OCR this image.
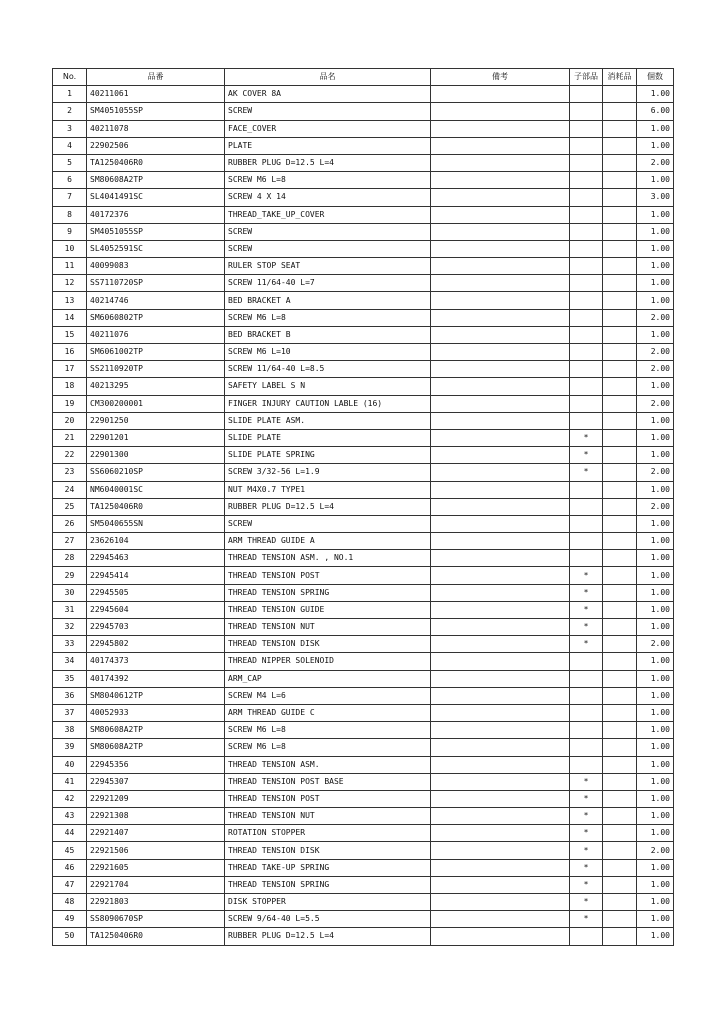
No.	品番	品名	備考	子部品	消耗品	個数
1	40211061	AK COVER 8A				1.00
2	SM4051055SP	SCREW				6.00
3	40211078	FACE_COVER				1.00
4	22902506	PLATE				1.00
5	TA1250406R0	RUBBER PLUG D=12.5 L=4				2.00
6	SM80608A2TP	SCREW M6 L=8				1.00
7	SL4041491SC	SCREW 4 X 14				3.00
8	40172376	THREAD_TAKE_UP_COVER				1.00
9	SM4051055SP	SCREW				1.00
10	SL4052591SC	SCREW				1.00
11	40099083	RULER STOP SEAT				1.00
12	SS7110720SP	SCREW 11/64-40 L=7				1.00
13	40214746	BED BRACKET A				1.00
14	SM6060802TP	SCREW M6 L=8				2.00
15	40211076	BED BRACKET B				1.00
16	SM6061002TP	SCREW M6 L=10				2.00
17	SS2110920TP	SCREW 11/64-40 L=8.5				2.00
18	40213295	SAFETY LABEL S N				1.00
19	CM300200001	FINGER INJURY CAUTION LABLE (16)				2.00
20	22901250	SLIDE PLATE ASM.				1.00
21	22901201	SLIDE PLATE		*		1.00
22	22901300	SLIDE PLATE SPRING		*		1.00
23	SS6060210SP	SCREW 3/32-56 L=1.9		*		2.00
24	NM6040001SC	NUT M4X0.7 TYPE1				1.00
25	TA1250406R0	RUBBER PLUG D=12.5 L=4				2.00
26	SM5040655SN	SCREW				1.00
27	23626104	ARM THREAD GUIDE A				1.00
28	22945463	THREAD TENSION ASM. , NO.1				1.00
29	22945414	THREAD TENSION POST		*		1.00
30	22945505	THREAD TENSION SPRING		*		1.00
31	22945604	THREAD TENSION GUIDE		*		1.00
32	22945703	THREAD TENSION NUT		*		1.00
33	22945802	THREAD TENSION DISK		*		2.00
34	40174373	THREAD NIPPER SOLENOID				1.00
35	40174392	ARM_CAP				1.00
36	SM8040612TP	SCREW M4 L=6				1.00
37	40052933	ARM THREAD GUIDE C				1.00
38	SM80608A2TP	SCREW M6 L=8				1.00
39	SM80608A2TP	SCREW M6 L=8				1.00
40	22945356	THREAD TENSION ASM.				1.00
41	22945307	THREAD TENSION POST BASE		*		1.00
42	22921209	THREAD TENSION POST		*		1.00
43	22921308	THREAD TENSION NUT		*		1.00
44	22921407	ROTATION STOPPER		*		1.00
45	22921506	THREAD TENSION DISK		*		2.00
46	22921605	THREAD TAKE-UP SPRING		*		1.00
47	22921704	THREAD TENSION SPRING		*		1.00
48	22921803	DISK STOPPER		*		1.00
49	SS8090670SP	SCREW 9/64-40 L=5.5		*		1.00
50	TA1250406R0	RUBBER PLUG D=12.5 L=4				1.00
